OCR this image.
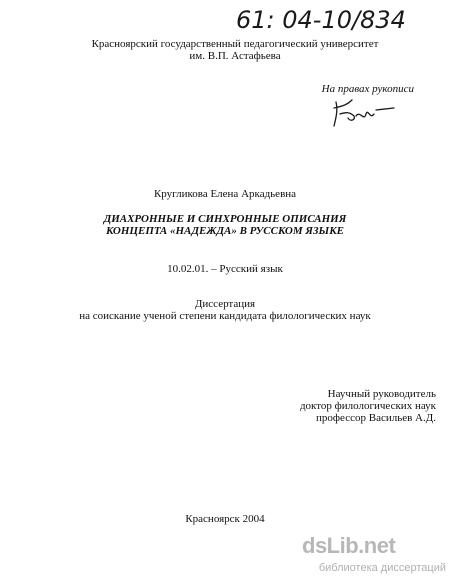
61: 04-10/834
Красноярский государственный педагогический университет
им. В.П. Астафьева
На правах рукописи
Кругликова Елена Аркадьевна
ДИАХРОННЫЕ И СИНХРОННЫЕ ОПИСАНИЯ
КОНЦЕПТА «НАДЕЖДА» В РУССКОМ ЯЗЫКЕ
10.02.01. – Русский язык
Диссертация
на соискание ученой степени кандидата филологических наук
Научный руководитель
доктор филологических наук
профессор Васильев А.Д.
Красноярск 2004
dsLib.net
библиотека диссертаций
